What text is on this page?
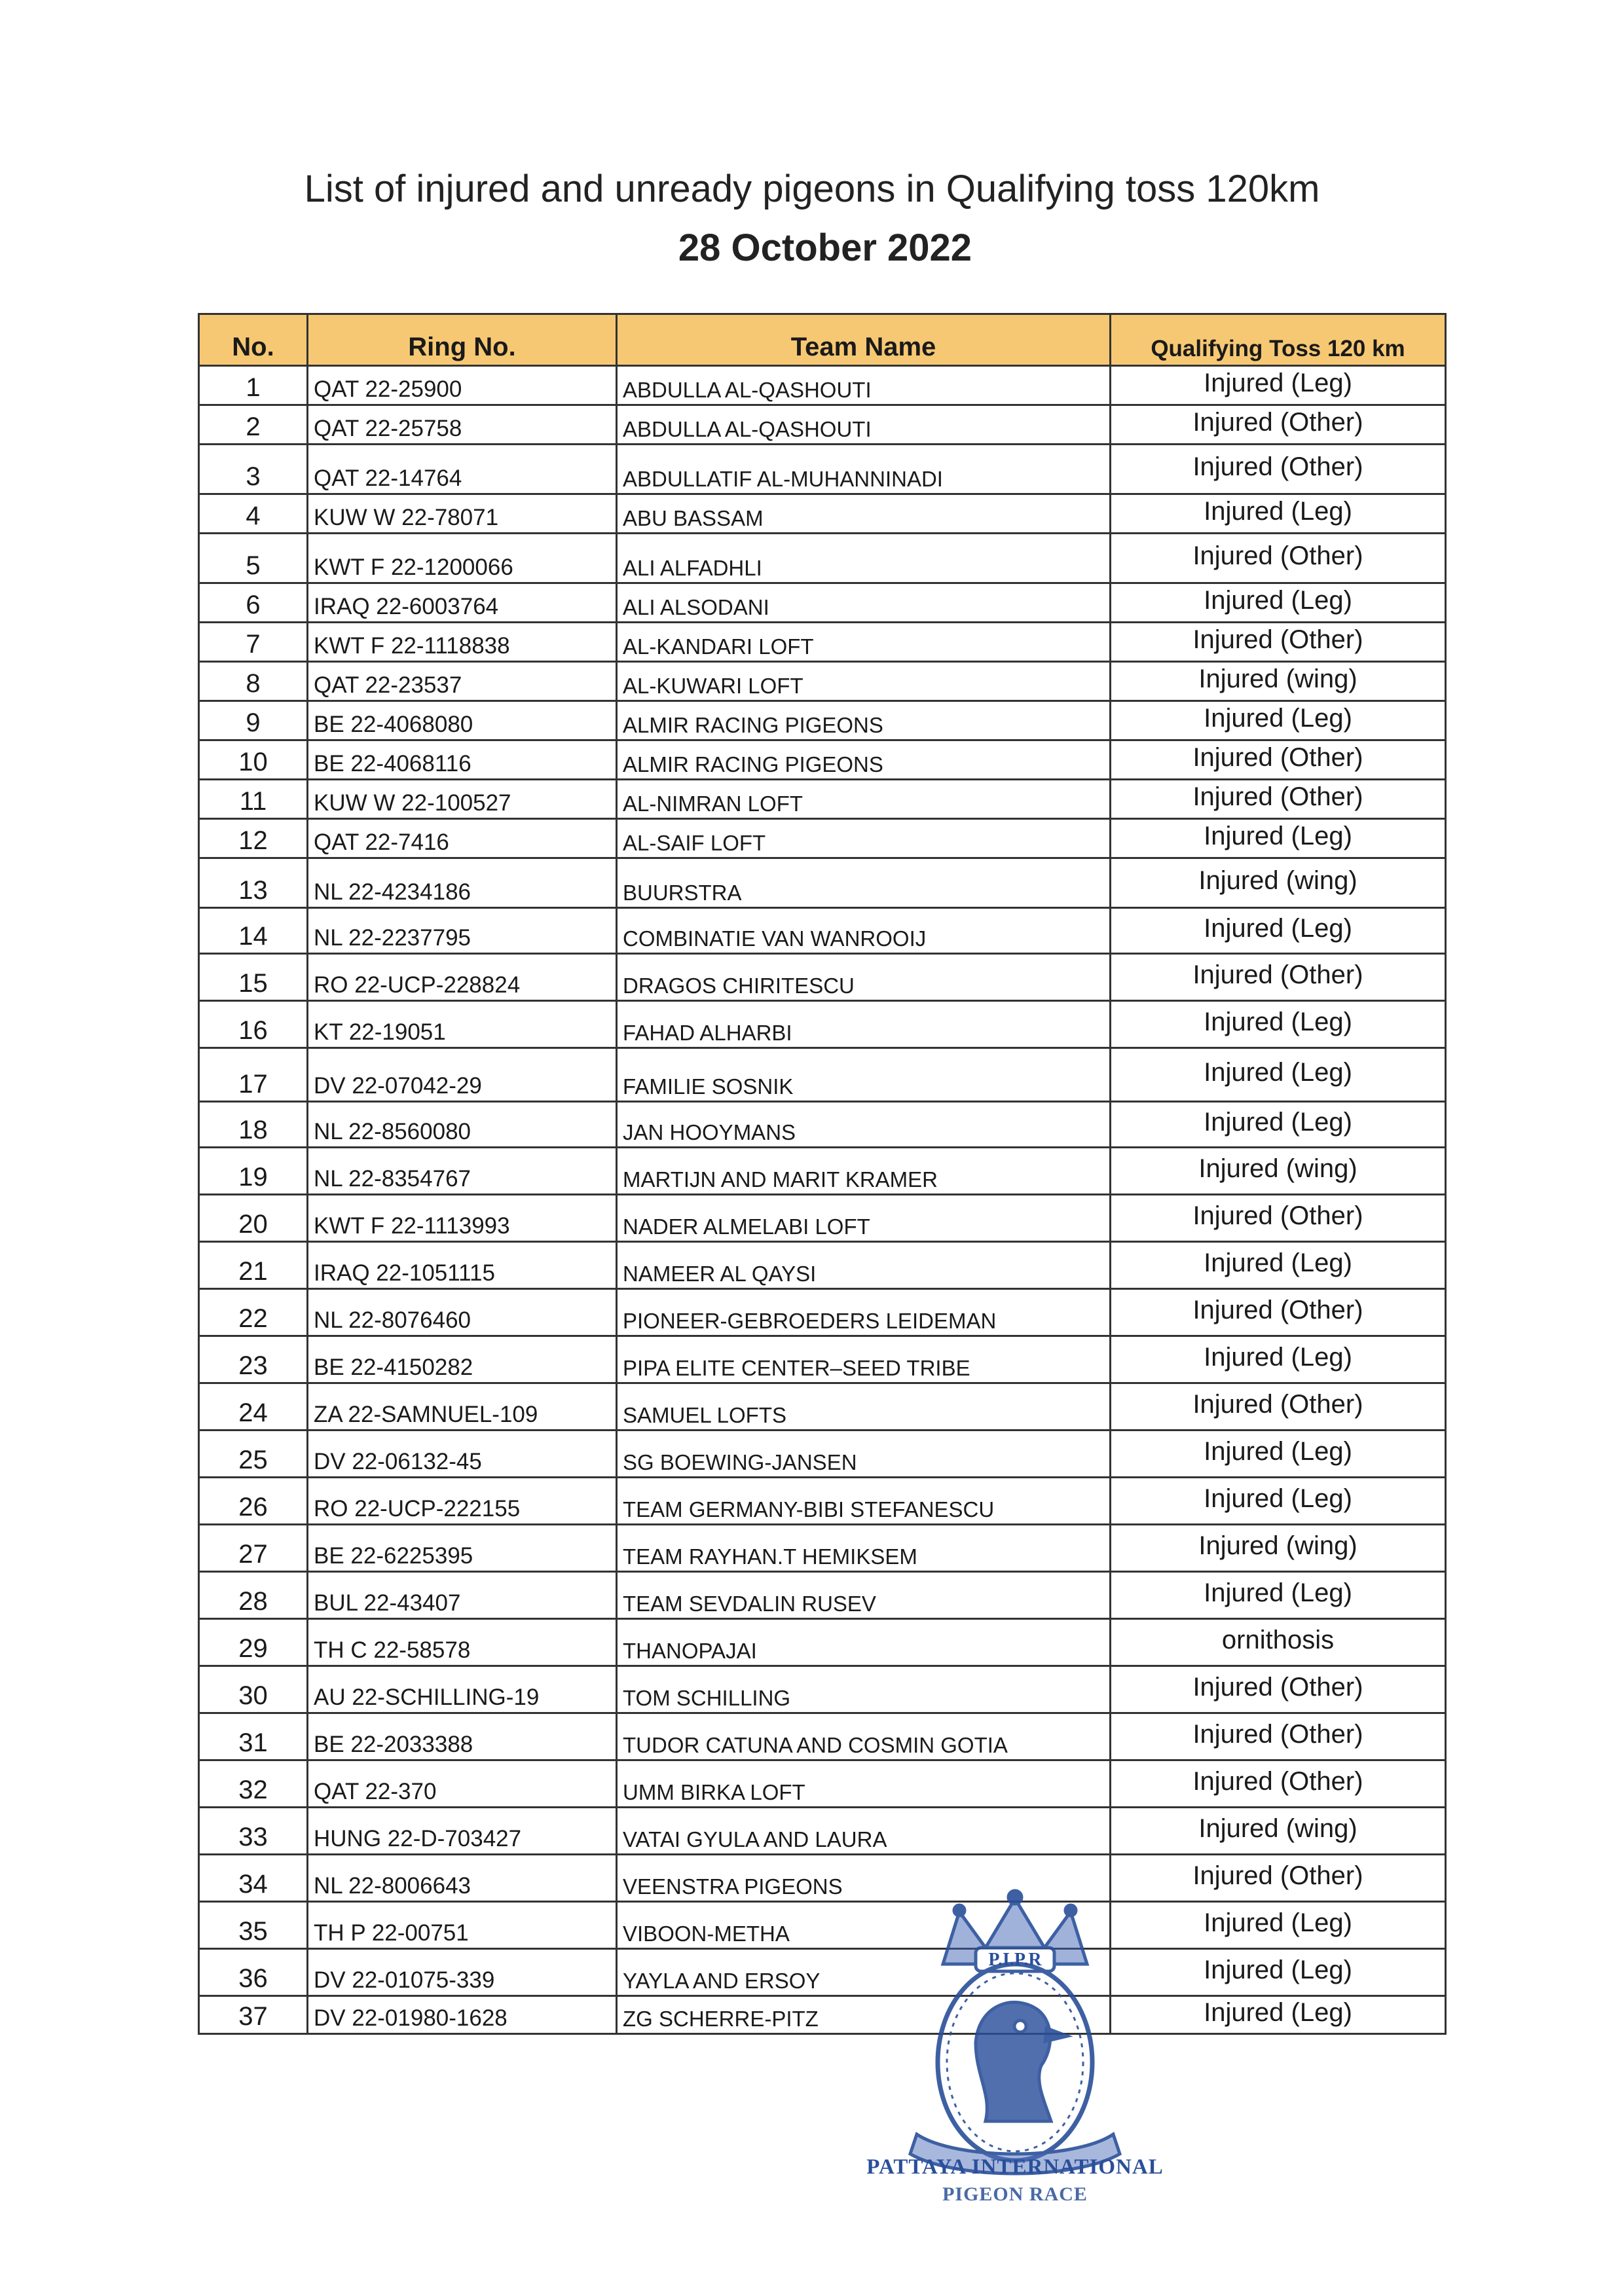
List of injured and unready pigeons in Qualifying toss 120km
28 October 2022
No.	Ring No.	Team Name	Qualifying Toss 120 km
1	QAT 22-25900	ABDULLA AL-QASHOUTI	Injured (Leg)
2	QAT 22-25758	ABDULLA AL-QASHOUTI	Injured (Other)
3	QAT 22-14764	ABDULLATIF AL-MUHANNINADI	Injured (Other)
4	KUW W 22-78071	ABU BASSAM	Injured (Leg)
5	KWT F 22-1200066	ALI ALFADHLI	Injured (Other)
6	IRAQ 22-6003764	ALI ALSODANI	Injured (Leg)
7	KWT F 22-1118838	AL-KANDARI LOFT	Injured (Other)
8	QAT 22-23537	AL-KUWARI LOFT	Injured (wing)
9	BE 22-4068080	ALMIR RACING PIGEONS	Injured (Leg)
10	BE 22-4068116	ALMIR RACING PIGEONS	Injured (Other)
11	KUW W 22-100527	AL-NIMRAN LOFT	Injured (Other)
12	QAT 22-7416	AL-SAIF LOFT	Injured (Leg)
13	NL 22-4234186	BUURSTRA	Injured (wing)
14	NL 22-2237795	COMBINATIE VAN WANROOIJ	Injured (Leg)
15	RO 22-UCP-228824	DRAGOS CHIRITESCU	Injured (Other)
16	KT 22-19051	FAHAD ALHARBI	Injured (Leg)
17	DV 22-07042-29	FAMILIE SOSNIK	Injured (Leg)
18	NL 22-8560080	JAN HOOYMANS	Injured (Leg)
19	NL 22-8354767	MARTIJN AND MARIT KRAMER	Injured (wing)
20	KWT F 22-1113993	NADER ALMELABI LOFT	Injured (Other)
21	IRAQ 22-1051115	NAMEER AL QAYSI	Injured (Leg)
22	NL 22-8076460	PIONEER-GEBROEDERS LEIDEMAN	Injured (Other)
23	BE 22-4150282	PIPA ELITE CENTER–SEED TRIBE	Injured (Leg)
24	ZA 22-SAMNUEL-109	SAMUEL LOFTS	Injured (Other)
25	DV 22-06132-45	SG BOEWING-JANSEN	Injured (Leg)
26	RO 22-UCP-222155	TEAM GERMANY-BIBI STEFANESCU	Injured (Leg)
27	BE 22-6225395	TEAM RAYHAN.T HEMIKSEM	Injured (wing)
28	BUL 22-43407	TEAM SEVDALIN RUSEV	Injured (Leg)
29	TH C 22-58578	THANOPAJAI	ornithosis
30	AU 22-SCHILLING-19	TOM SCHILLING	Injured (Other)
31	BE 22-2033388	TUDOR CATUNA AND COSMIN GOTIA	Injured (Other)
32	QAT 22-370	UMM BIRKA LOFT	Injured (Other)
33	HUNG 22-D-703427	VATAI GYULA AND LAURA	Injured (wing)
34	NL 22-8006643	VEENSTRA PIGEONS	Injured (Other)
35	TH P 22-00751	VIBOON-METHA	Injured (Leg)
36	DV 22-01075-339	YAYLA AND ERSOY	Injured (Leg)
37	DV 22-01980-1628	ZG SCHERRE-PITZ	Injured (Leg)
P.I.P.R
PATTAYA INTERNATIONAL
PIGEON RACE
